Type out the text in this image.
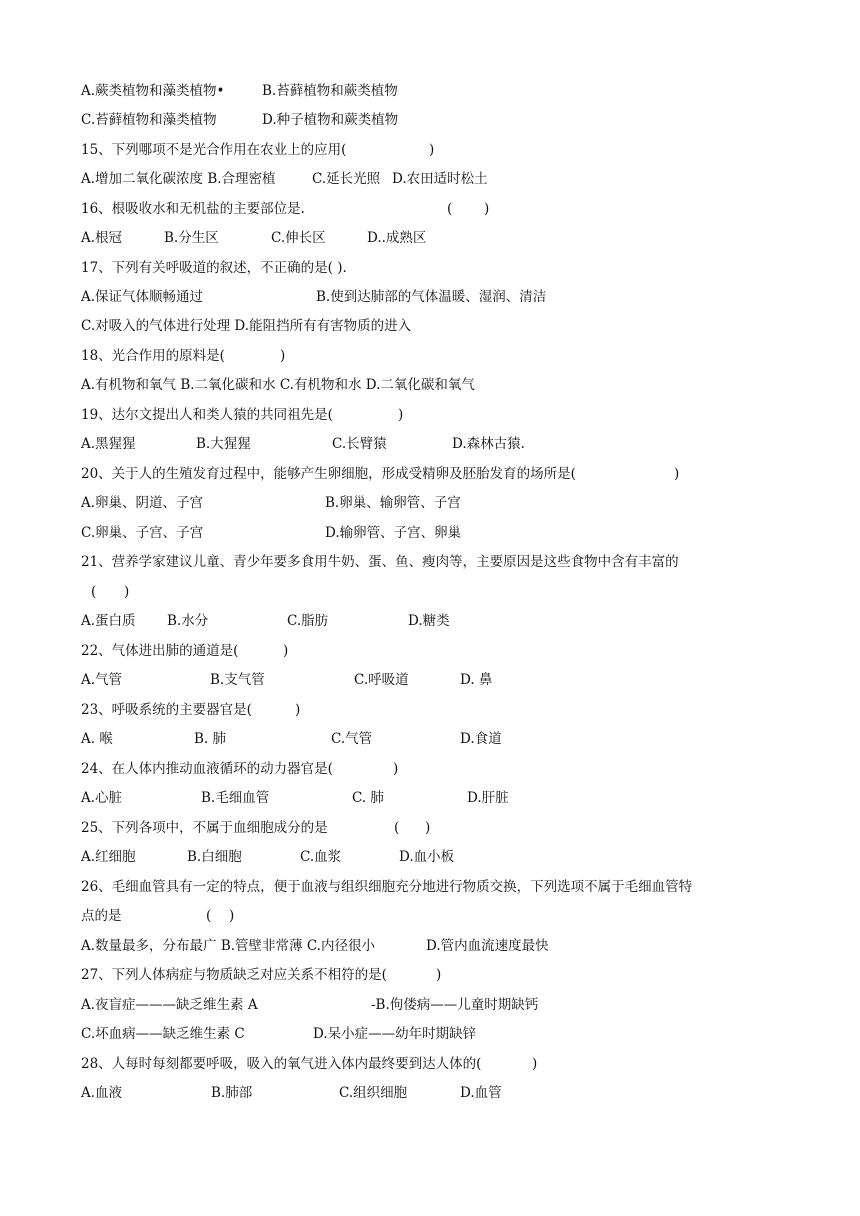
A.蕨类植物和藻类植物•	B.苔藓植物和蕨类植物
C.苔藓植物和藻类植物	D.种子植物和蕨类植物
15、下列哪项不是光合作用在农业上的应用(	)
A.增加二氧化碳浓度 B.合理密植	C.延长光照 D.农田适时松土
16、根吸收水和无机盐的主要部位是.	( )
A.根冠	B.分生区	C.伸长区	D..成熟区
17、下列有关呼吸道的叙述，不正确的是( ).
A.保证气体顺畅通过	B.使到达肺部的气体温暖、湿润、清洁
C.对吸入的气体进行处理 D.能阻挡所有有害物质的进入
18、光合作用的原料是(	)
A.有机物和氧气 B.二氧化碳和水 C.有机物和水 D.二氧化碳和氧气
19、达尔文提出人和类人猿的共同祖先是(	)
A.黑猩猩	B.大猩猩	C.长臂猿	D.森林古猿.
20、关于人的生殖发育过程中，能够产生卵细胞，形成受精卵及胚胎发育的场所是(	)
A.卵巢、阴道、子宫	B.卵巢、输卵管、子宫
C.卵巢、子宫、子宫	D.输卵管、子宫、卵巢
21、营养学家建议儿童、青少年要多食用牛奶、蛋、鱼、瘦肉等，主要原因是这些食物中含有丰富的
( )
A.蛋白质 B.水分	C.脂肪	D.糖类
22、气体进出肺的通道是(	)
A.气管	B.支气管	C.呼吸道	D. 鼻
23、呼吸系统的主要器官是(	)
A. 喉	B. 肺	C.气管	D.食道
24、在人体内推动血液循环的动力器官是(	)
A.心脏	B.毛细血管	C. 肺	D.肝脏
25、下列各项中，不属于血细胞成分的是	( )
A.红细胞	B.白细胞	C.血浆	D.血小板
26、毛细血管具有一定的特点，便于血液与组织细胞充分地进行物质交换，下列选项不属于毛细血管特
点的是	( )
A.数量最多，分布最广 B.管壁非常薄 C.内径很小	D.管内血流速度最快
27、下列人体病症与物质缺乏对应关系不相符的是(	)
A.夜盲症———缺乏维生素 A	-B.佝偻病——儿童时期缺钙
C.坏血病——缺乏维生素 C	D.呆小症——幼年时期缺锌
28、人每时每刻都要呼吸，吸入的氧气进入体内最终要到达人体的(	)
A.血液	B.肺部	C.组织细胞	D.血管
